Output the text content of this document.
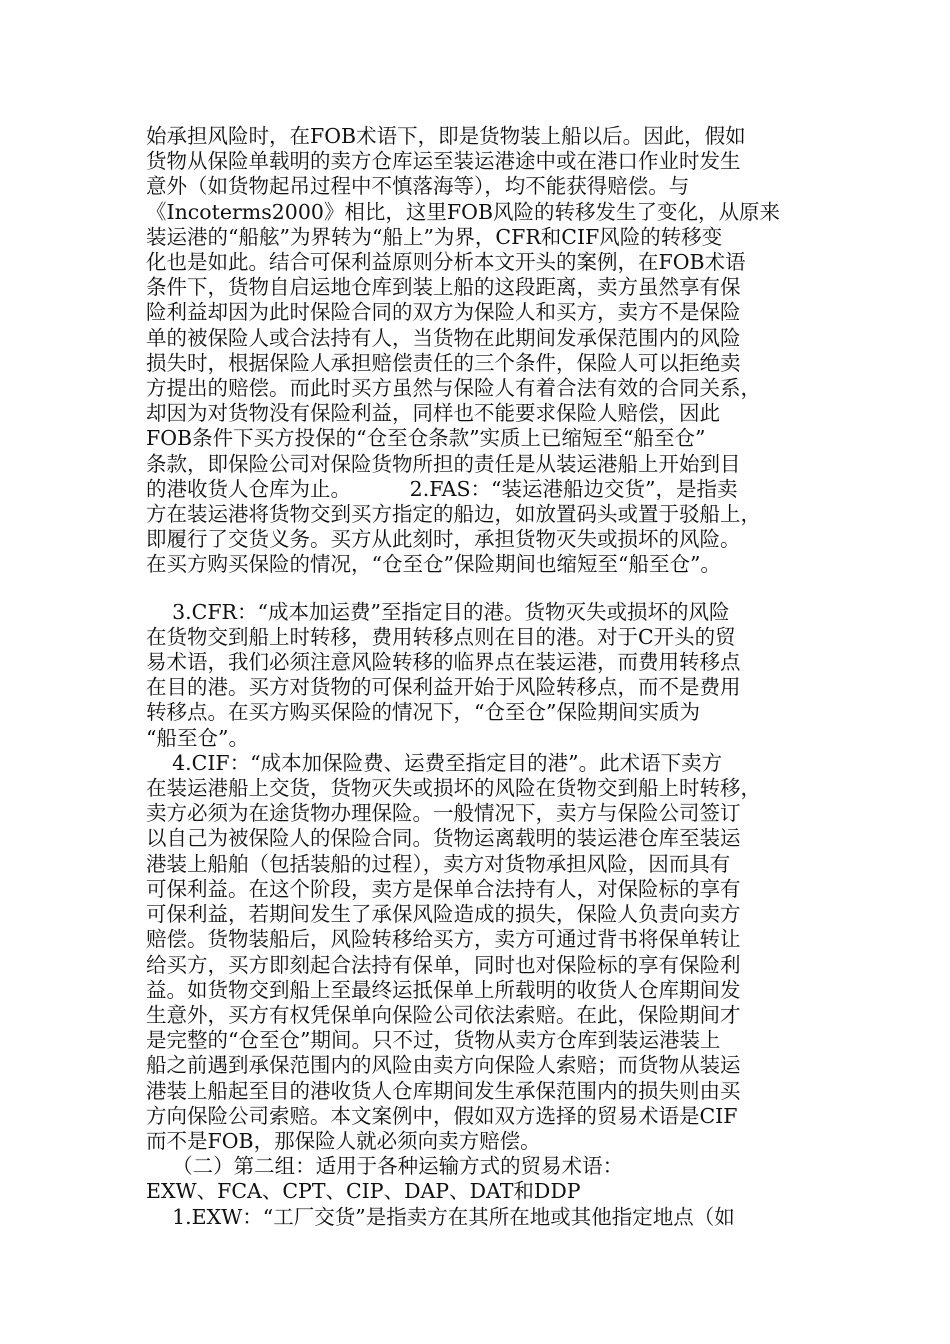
始承担风险时，在FOB术语下，即是货物装上船以后。因此，假如
货物从保险单载明的卖方仓库运至装运港途中或在港口作业时发生
意外（如货物起吊过程中不慎落海等），均不能获得赔偿。与
《Incoterms2000》相比，这里FOB风险的转移发生了变化，从原来
装运港的“船舷”为界转为“船上”为界，CFR和CIF风险的转移变
化也是如此。结合可保利益原则分析本文开头的案例，在FOB术语
条件下，货物自启运地仓库到装上船的这段距离，卖方虽然享有保
险利益却因为此时保险合同的双方为保险人和买方，卖方不是保险
单的被保险人或合法持有人，当货物在此期间发承保范围内的风险
损失时，根据保险人承担赔偿责任的三个条件，保险人可以拒绝卖
方提出的赔偿。而此时买方虽然与保险人有着合法有效的合同关系，
却因为对货物没有保险利益，同样也不能要求保险人赔偿，因此
FOB条件下买方投保的“仓至仓条款”实质上已缩短至“船至仓”
条款，即保险公司对保险货物所担的责任是从装运港船上开始到目
的港收货人仓库为止。         2.FAS：“装运港船边交货”，是指卖
方在装运港将货物交到买方指定的船边，如放置码头或置于驳船上，
即履行了交货义务。买方从此刻时，承担货物灭失或损坏的风险。
在买方购买保险的情况，“仓至仓”保险期间也缩短至“船至仓”。

3.CFR：“成本加运费”至指定目的港。货物灭失或损坏的风险
在货物交到船上时转移，费用转移点则在目的港。对于C开头的贸
易术语，我们必须注意风险转移的临界点在装运港，而费用转移点
在目的港。买方对货物的可保利益开始于风险转移点，而不是费用
转移点。在买方购买保险的情况下，“仓至仓”保险期间实质为
“船至仓”。

4.CIF：“成本加保险费、运费至指定目的港”。此术语下卖方
在装运港船上交货，货物灭失或损坏的风险在货物交到船上时转移，
卖方必须为在途货物办理保险。一般情况下，卖方与保险公司签订
以自己为被保险人的保险合同。货物运离载明的装运港仓库至装运
港装上船舶（包括装船的过程），卖方对货物承担风险，因而具有
可保利益。在这个阶段，卖方是保单合法持有人，对保险标的享有
可保利益，若期间发生了承保风险造成的损失，保险人负责向卖方
赔偿。货物装船后，风险转移给买方，卖方可通过背书将保单转让
给买方，买方即刻起合法持有保单，同时也对保险标的享有保险利
益。如货物交到船上至最终运抵保单上所载明的收货人仓库期间发
生意外，买方有权凭保单向保险公司依法索赔。在此，保险期间才
是完整的“仓至仓”期间。只不过，货物从卖方仓库到装运港装上
船之前遇到承保范围内的风险由卖方向保险人索赔；而货物从装运
港装上船起至目的港收货人仓库期间发生承保范围内的损失则由买
方向保险公司索赔。本文案例中，假如双方选择的贸易术语是CIF
而不是FOB，那保险人就必须向卖方赔偿。

（二）第二组：适用于各种运输方式的贸易术语：
EXW、FCA、CPT、CIP、DAP、DAT和DDP

1.EXW：“工厂交货”是指卖方在其所在地或其他指定地点（如
